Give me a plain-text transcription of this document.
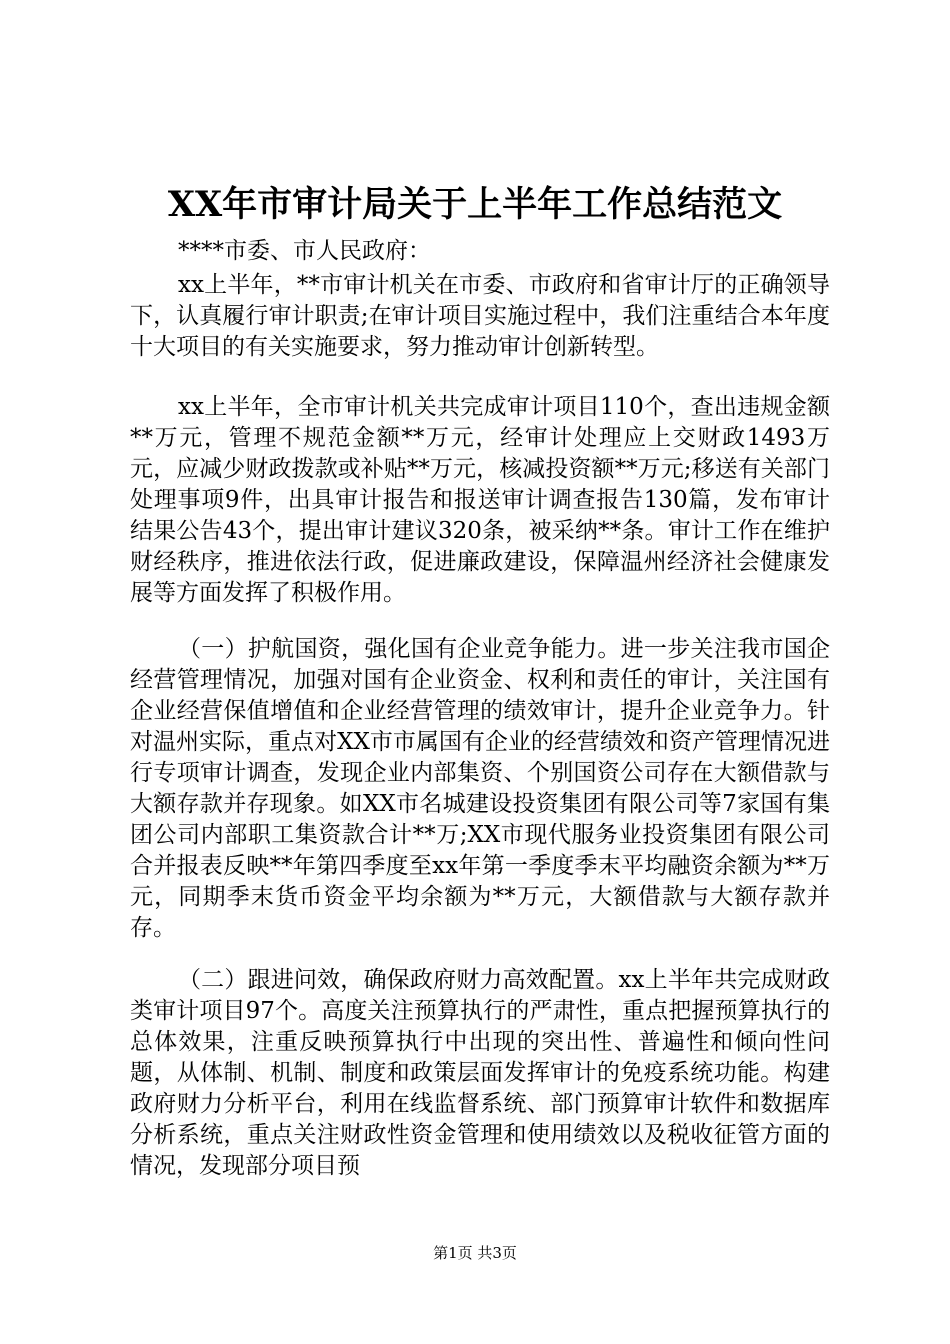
XX年市审计局关于上半年工作总结范文
****市委、市人民政府：
xx上半年，**市审计机关在市委、市政府和省审计厅的正确领导下，认真履行审计职责;在审计项目实施过程中，我们注重结合本年度十大项目的有关实施要求，努力推动审计创新转型。
xx上半年，全市审计机关共完成审计项目110个，查出违规金额**万元，管理不规范金额**万元，经审计处理应上交财政1493万元，应减少财政拨款或补贴**万元，核减投资额**万元;移送有关部门处理事项9件，出具审计报告和报送审计调查报告130篇，发布审计结果公告43个，提出审计建议320条，被采纳**条。审计工作在维护财经秩序，推进依法行政，促进廉政建设，保障温州经济社会健康发展等方面发挥了积极作用。
（一）护航国资，强化国有企业竞争能力。进一步关注我市国企经营管理情况，加强对国有企业资金、权利和责任的审计，关注国有企业经营保值增值和企业经营管理的绩效审计，提升企业竞争力。针对温州实际，重点对XX市市属国有企业的经营绩效和资产管理情况进行专项审计调查，发现企业内部集资、个别国资公司存在大额借款与大额存款并存现象。如XX市名城建设投资集团有限公司等7家国有集团公司内部职工集资款合计**万;XX市现代服务业投资集团有限公司合并报表反映**年第四季度至xx年第一季度季末平均融资余额为**万元，同期季末货币资金平均余额为**万元，大额借款与大额存款并存。
（二）跟进问效，确保政府财力高效配置。xx上半年共完成财政类审计项目97个。高度关注预算执行的严肃性，重点把握预算执行的总体效果，注重反映预算执行中出现的突出性、普遍性和倾向性问题，从体制、机制、制度和政策层面发挥审计的免疫系统功能。构建政府财力分析平台，利用在线监督系统、部门预算审计软件和数据库分析系统，重点关注财政性资金管理和使用绩效以及税收征管方面的情况，发现部分项目预
第1页 共3页
